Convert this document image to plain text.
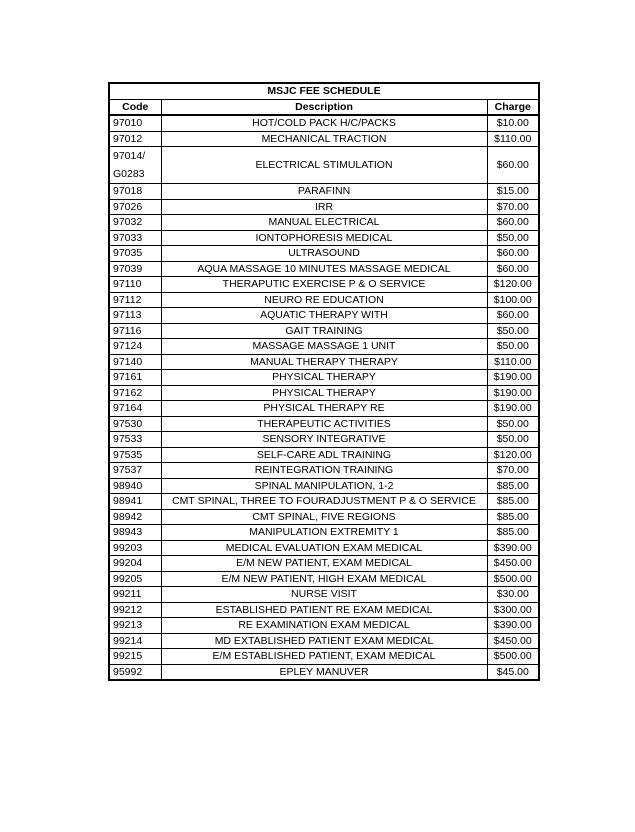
MSJC FEE SCHEDULE		
Code	Description	Charge
97010	HOT/COLD PACK H/C/PACKS	$10.00
97012	MECHANICAL TRACTION	$110.00

97014/
G0283	ELECTRICAL STIMULATION	$60.00
97018	PARAFINN	$15.00
97026	IRR	$70.00
97032	MANUAL ELECTRICAL	$60.00
97033	IONTOPHORESIS MEDICAL	$50.00
97035	ULTRASOUND	$60.00
97039	AQUA MASSAGE 10 MINUTES MASSAGE MEDICAL	$60.00
97110	THERAPUTIC EXERCISE P & O SERVICE	$120.00
97112	NEURO RE EDUCATION	$100.00
97113	AQUATIC THERAPY WITH	$60.00
97116	GAIT TRAINING	$50.00
97124	MASSAGE MASSAGE 1 UNIT	$50.00
97140	MANUAL THERAPY THERAPY	$110.00
97161	PHYSICAL THERAPY	$190.00
97162	PHYSICAL THERAPY	$190.00
97164	PHYSICAL THERAPY RE	$190.00
97530	THERAPEUTIC ACTIVITIES	$50.00
97533	SENSORY INTEGRATIVE	$50.00
97535	SELF-CARE ADL TRAINING	$120.00
97537	REINTEGRATION TRAINING	$70.00
98940	SPINAL MANIPULATION, 1-2	$85.00
98941	CMT SPINAL, THREE TO FOURADJUSTMENT P & O SERVICE	$85.00
98942	CMT SPINAL, FIVE REGIONS	$85.00
98943	MANIPULATION EXTREMITY 1	$85.00
99203	MEDICAL EVALUATION EXAM MEDICAL	$390.00
99204	E/M NEW PATIENT, EXAM MEDICAL	$450.00
99205	E/M NEW PATIENT, HIGH EXAM MEDICAL	$500.00
99211	NURSE VISIT	$30.00
99212	ESTABLISHED PATIENT RE EXAM MEDICAL	$300.00
99213	RE EXAMINATION EXAM MEDICAL	$390.00
99214	MD EXTABLISHED PATIENT EXAM MEDICAL	$450.00
99215	E/M ESTABLISHED PATIENT, EXAM MEDICAL	$500.00
95992	EPLEY MANUVER	$45.00
